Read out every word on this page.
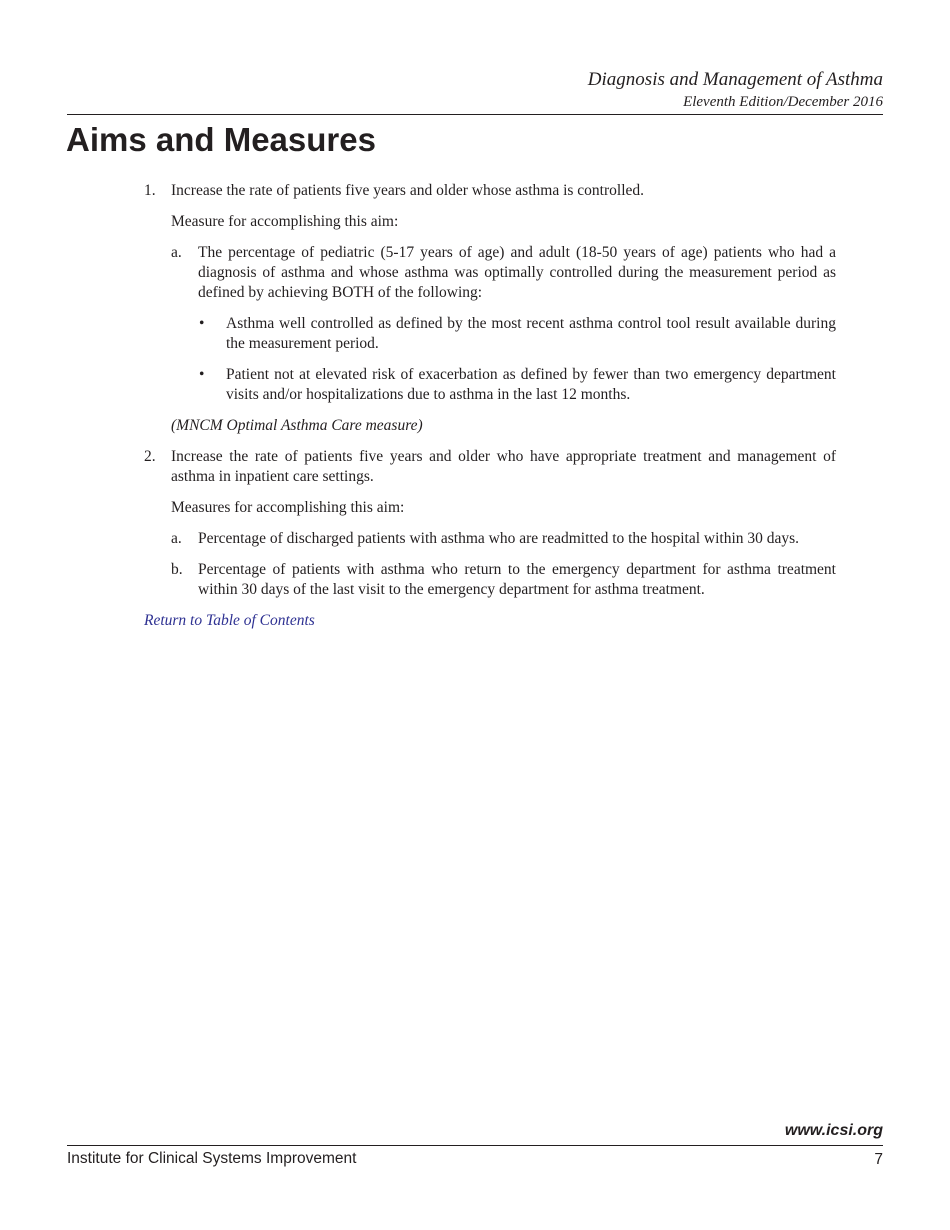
Diagnosis and Management of Asthma
Eleventh Edition/December 2016
Aims and Measures
1. Increase the rate of patients five years and older whose asthma is controlled.
Measure for accomplishing this aim:
a. The percentage of pediatric (5-17 years of age) and adult (18-50 years of age) patients who had a diagnosis of asthma and whose asthma was optimally controlled during the measurement period as defined by achieving BOTH of the following:
• Asthma well controlled as defined by the most recent asthma control tool result available during the measurement period.
• Patient not at elevated risk of exacerbation as defined by fewer than two emergency department visits and/or hospitalizations due to asthma in the last 12 months.
(MNCM Optimal Asthma Care measure)
2. Increase the rate of patients five years and older who have appropriate treatment and management of asthma in inpatient care settings.
Measures for accomplishing this aim:
a. Percentage of discharged patients with asthma who are readmitted to the hospital within 30 days.
b. Percentage of patients with asthma who return to the emergency department for asthma treatment within 30 days of the last visit to the emergency department for asthma treatment.
Return to Table of Contents
www.icsi.org
Institute for Clinical Systems Improvement	7
